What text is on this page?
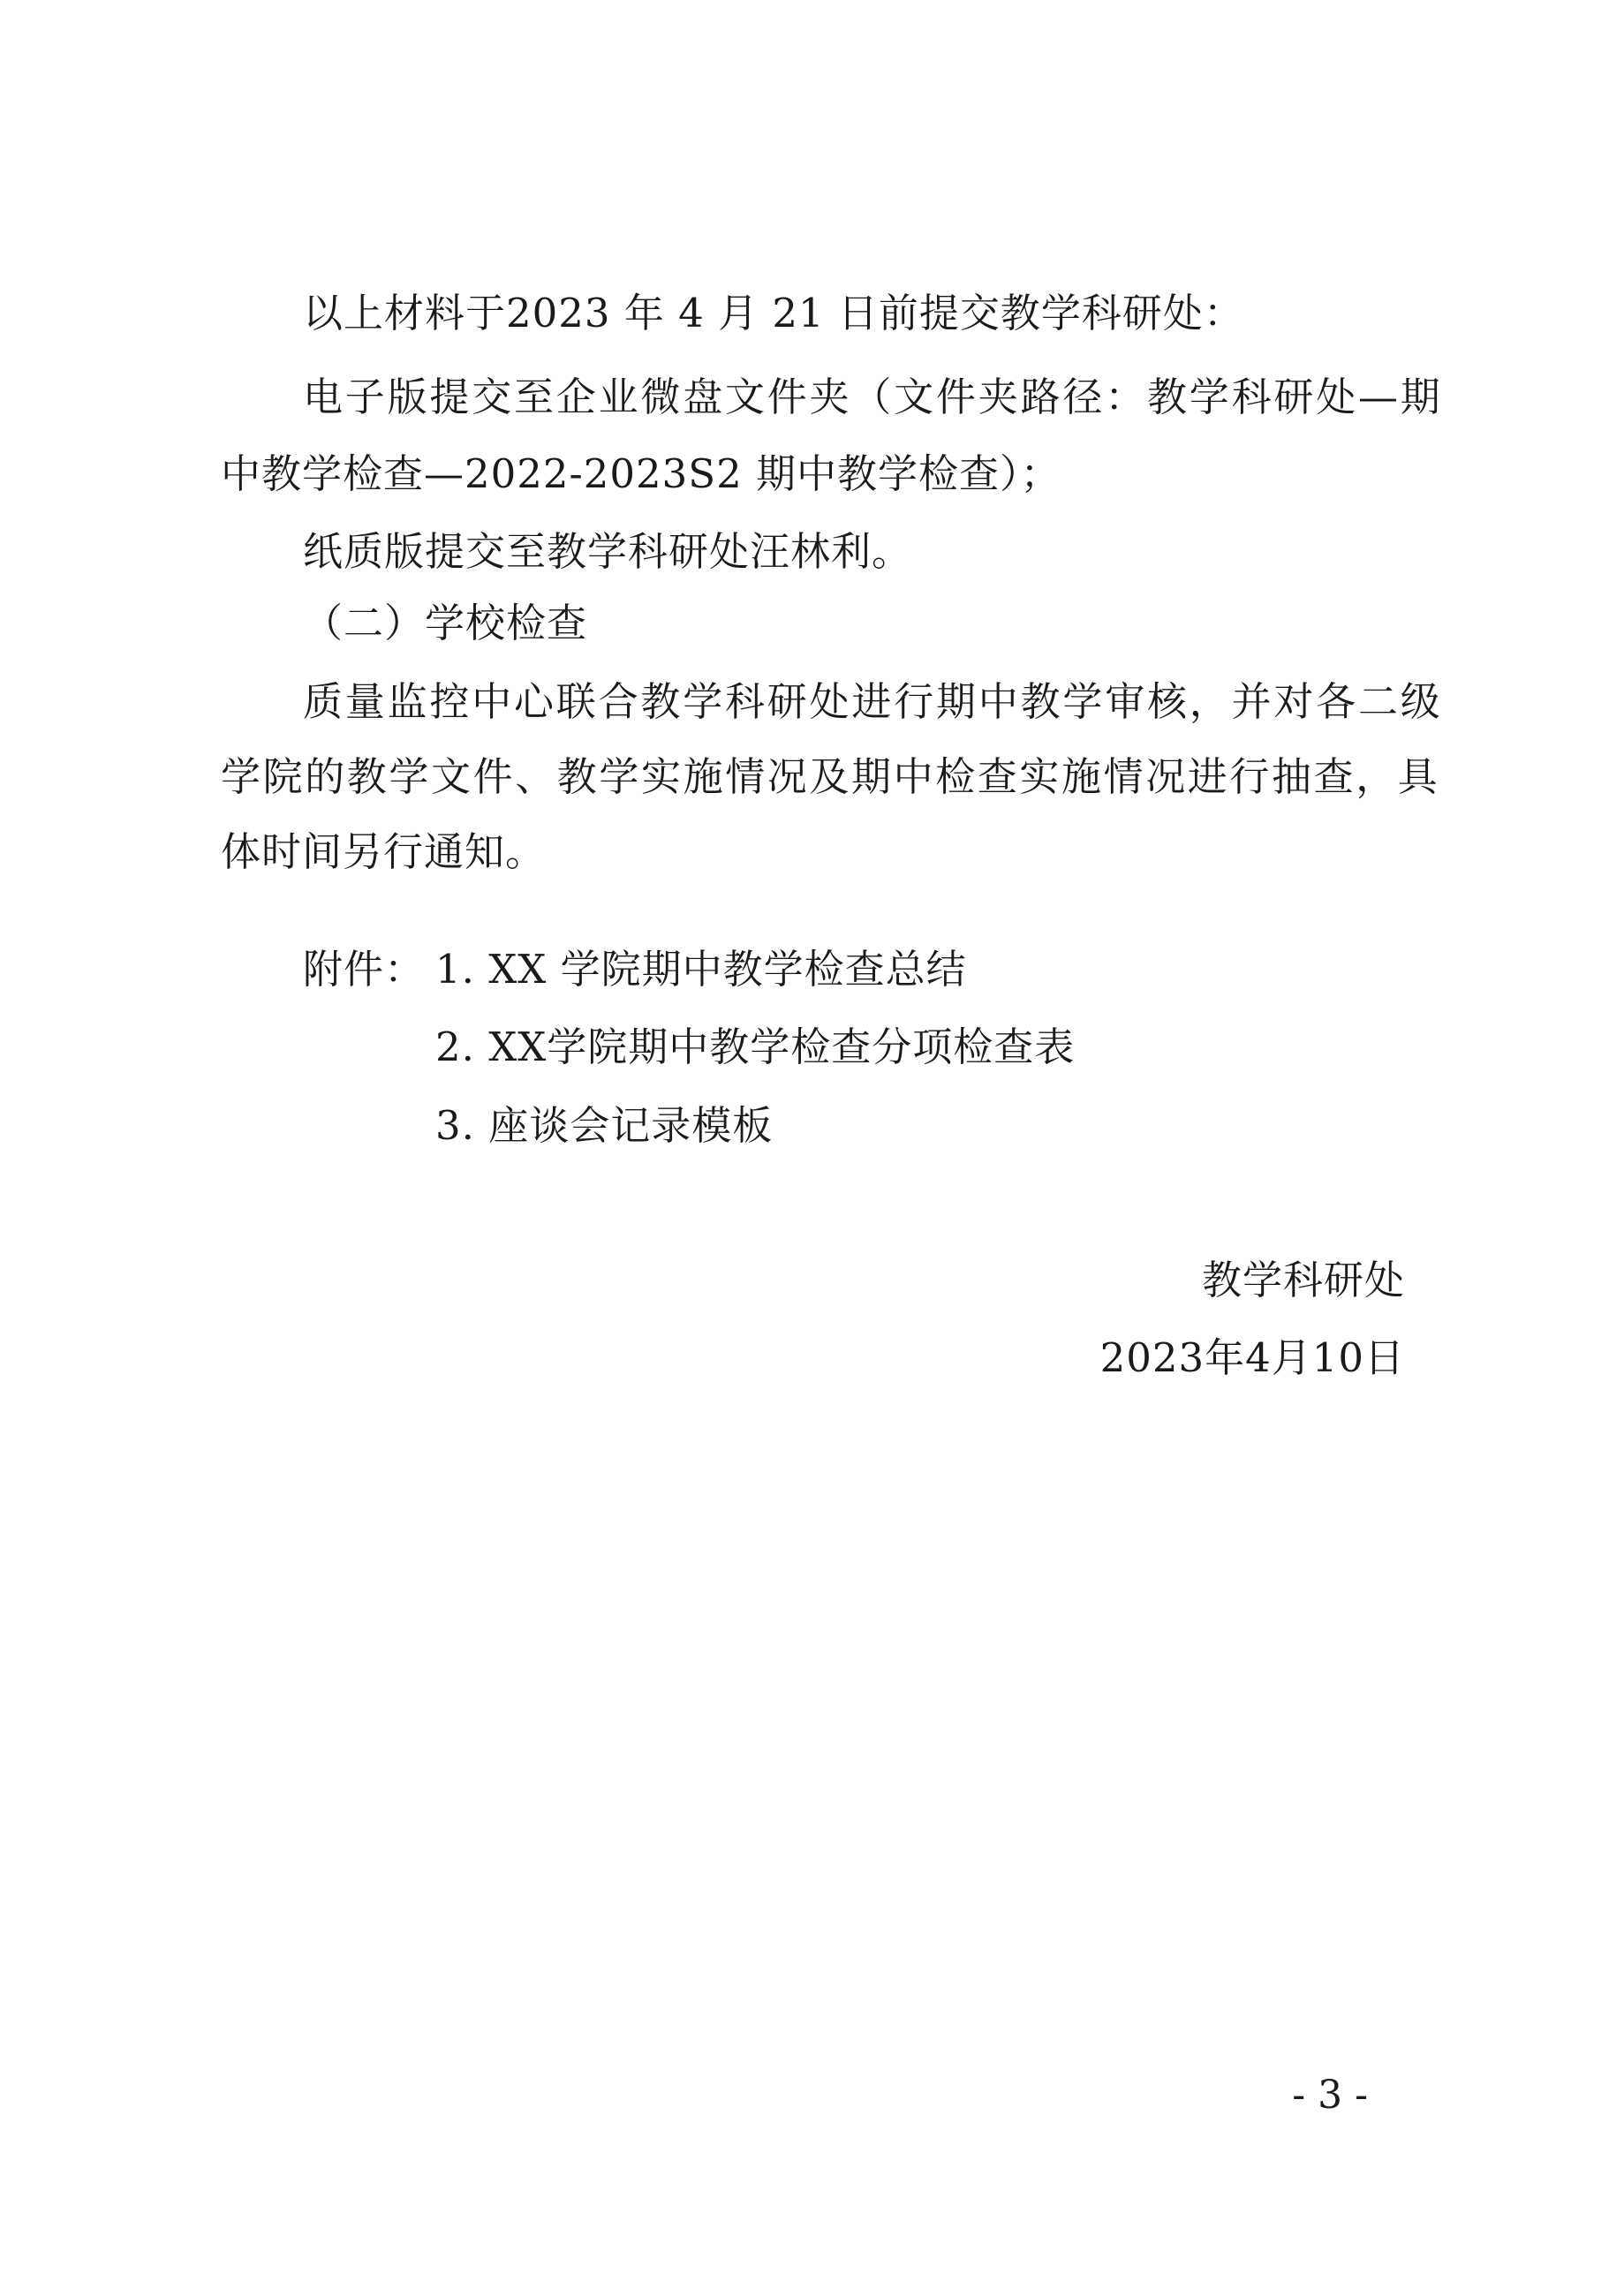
以上材料于2023 年 4 月 21 日前提交教学科研处：
电子版提交至企业微盘文件夹（文件夹路径：教学科研处—期
中教学检查—2022-2023S2 期中教学检查）；
纸质版提交至教学科研处汪林利。
（二）学校检查
质量监控中心联合教学科研处进行期中教学审核，并对各二级
学院的教学文件、教学实施情况及期中检查实施情况进行抽查，具
体时间另行通知。
附件： 1. XX 学院期中教学检查总结
2. XX学院期中教学检查分项检查表
3. 座谈会记录模板
教学科研处
2023年4月10日
- 3 -
